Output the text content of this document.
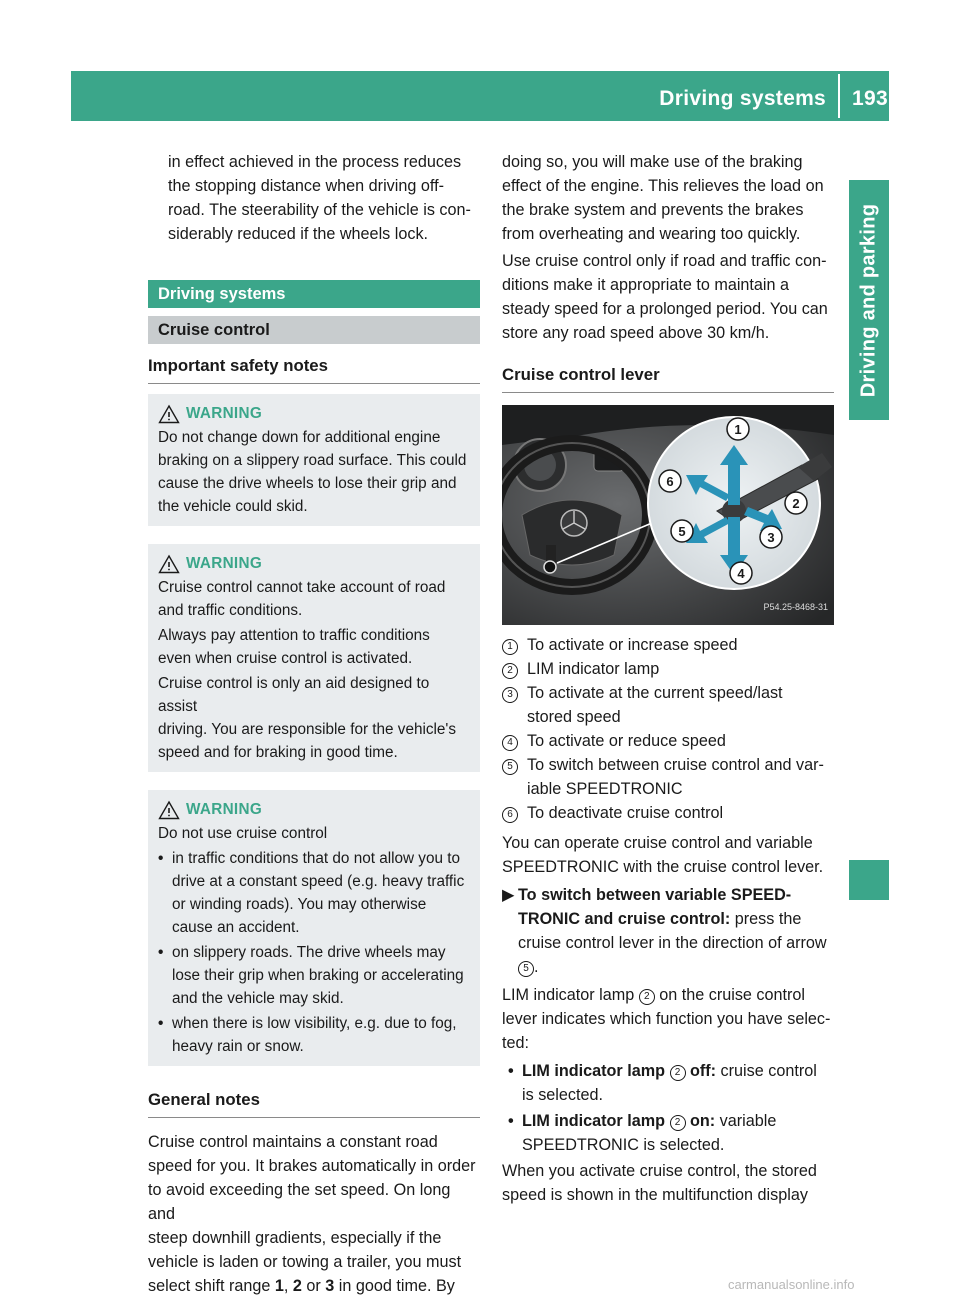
Driving systems 193
Driving and parking

in effect achieved in the process reduces

the stopping distance when driving off-

road. The steerability of the vehicle is con-

siderably reduced if the wheels lock.

Driving systems
Cruise control
Important safety notes
WARNING

Do not change down for additional engine

braking on a slippery road surface. This could

cause the drive wheels to lose their grip and

the vehicle could skid.

WARNING

Cruise control cannot take account of road

and traffic conditions.

Always pay attention to traffic conditions

even when cruise control is activated.

Cruise control is only an aid designed to assist

driving. You are responsible for the vehicle's

speed and for braking in good time.

WARNING

Do not use cruise control

• in traffic conditions that do not allow you to

drive at a constant speed (e.g. heavy traffic

or winding roads). You may otherwise

cause an accident.

• on slippery roads. The drive wheels may

lose their grip when braking or accelerating

and the vehicle may skid.

• when there is low visibility, e.g. due to fog,

heavy rain or snow.

General notes

Cruise control maintains a constant road

speed for you. It brakes automatically in order

to avoid exceeding the set speed. On long and

steep downhill gradients, especially if the

vehicle is laden or towing a trailer, you must

select shift range 1, 2 or 3 in good time. By

doing so, you will make use of the braking

effect of the engine. This relieves the load on

the brake system and prevents the brakes

from overheating and wearing too quickly.

Use cruise control only if road and traffic con-

ditions make it appropriate to maintain a

steady speed for a prolonged period. You can

store any road speed above 30 km/h.

Cruise control lever
1
2
3
4
5
6
P54.25-8468-31
1 To activate or increase speed

2 LIM indicator lamp

3 To activate at the current speed/last

stored speed

4 To activate or reduce speed

5 To switch between cruise control and var-

iable SPEEDTRONIC

6 To deactivate cruise control

You can operate cruise control and variable

SPEEDTRONIC with the cruise control lever.

▶ To switch between variable SPEED-

TRONIC and cruise control: press the

cruise control lever in the direction of arrow

5 .

LIM indicator lamp 2 on the cruise control

lever indicates which function you have selec-

ted:

• LIM indicator lamp 2 off: cruise control

is selected.

• LIM indicator lamp 2 on: variable

SPEEDTRONIC is selected.

When you activate cruise control, the stored

speed is shown in the multifunction display

carmanualsonline.info
